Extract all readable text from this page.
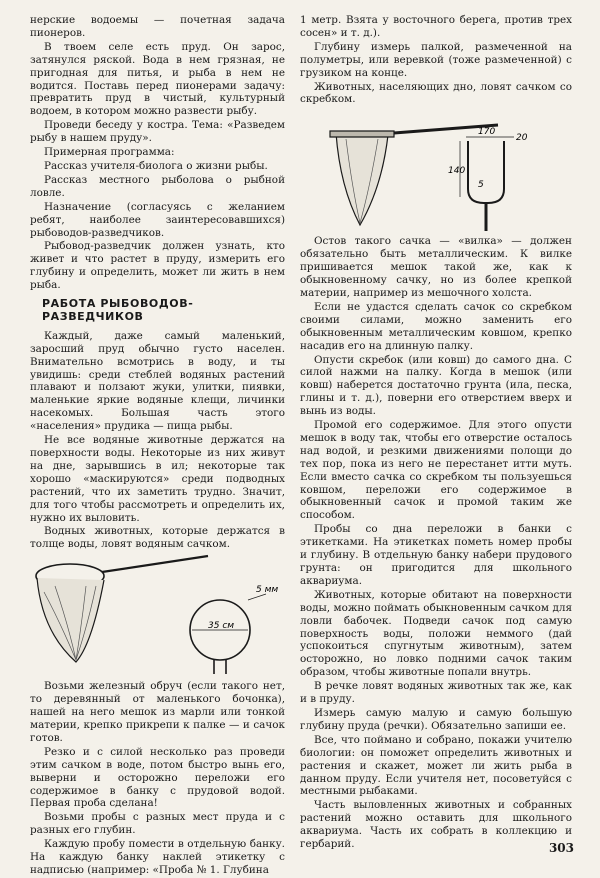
нерские водоемы — почетная задача пионеров.

В твоем селе есть пруд. Он зарос, затянулся ряской. Вода в нем грязная, не пригодная для питья, и рыба в нем не водится. Поставь перед пионерами задачу: превратить пруд в чистый, культурный водоем, в котором можно развести рыбу.

Проведи беседу у костра. Тема: «Разведем рыбу в нашем пруду».

Примерная программа:

Рассказ учителя-биолога о жизни рыбы.

Рассказ местного рыболова о рыбной ловле.

Назначение (согласуясь с желанием ребят, наиболее заинтересовавшихся) рыбоводов-разведчиков.

Рыбовод-разведчик должен узнать, кто живет и что растет в пруду, измерить его глубину и определить, может ли жить в нем рыба.

РАБОТА РЫБОВОДОВ-РАЗВЕДЧИКОВ

Каждый, даже самый маленький, заросший пруд обычно густо населен. Внимательно всмотрись в воду, и ты увидишь: среди стеблей водяных растений плавают и ползают жуки, улитки, пиявки, маленькие яркие водяные клещи, личинки насекомых. Большая часть этого «населения» прудика — пища рыбы.

Не все водяные животные держатся на поверхности воды. Некоторые из них живут на дне, зарывшись в ил; некоторые так хорошо «маскируются» среди подводных растений, что их заметить трудно. Значит, для того чтобы рассмотреть и определить их, нужно их выловить.

Водных животных, которые держатся в толще воды, ловят водяным сачком.

35 см
5 мм

Возьми железный обруч (если такого нет, то деревянный от маленького бочонка), нашей на него мешок из марли или тонкой материи, крепко прикрепи к палке — и сачок готов.

Резко и с силой несколько раз проведи этим сачком в воде, потом быстро вынь его, выверни и осторожно переложи его содержимое в банку с прудовой водой. Первая проба сделана!

Возьми пробы с разных мест пруда и с разных его глубин.

Каждую пробу помести в отдельную банку. На каждую банку наклей этикетку с надписью (например: «Проба № 1. Глубина

1 метр. Взята у восточного берега, против трех сосен» и т. д.).

Глубину измерь палкой, размеченной на полуметры, или веревкой (тоже размеченной) с грузиком на конце.

Животных, населяющих дно, ловят сачком со скребком.

170
20
140
5

Остов такого сачка — «вилка» — должен обязательно быть металлическим. К вилке пришивается мешок такой же, как к обыкновенному сачку, но из более крепкой материи, например из мешочного холста.

Если не удастся сделать сачок со скребком своими силами, можно заменить его обыкновенным металлическим ковшом, крепко насадив его на длинную палку.

Опусти скребок (или ковш) до самого дна. С силой нажми на палку. Когда в мешок (или ковш) наберется достаточно грунта (ила, песка, глины и т. д.), поверни его отверстием вверх и вынь из воды.

Промой его содержимое. Для этого опусти мешок в воду так, чтобы его отверстие осталось над водой, и резкими движениями полощи до тех пор, пока из него не перестанет итти муть. Если вместо сачка со скребком ты пользуешься ковшом, переложи его содержимое в обыкновенный сачок и промой таким же способом.

Пробы со дна переложи в банки с этикетками. На этикетках пометь номер пробы и глубину. В отдельную банку набери прудового грунта: он пригодится для школьного аквариума.

Животных, которые обитают на поверхности воды, можно поймать обыкновенным сачком для ловли бабочек. Подведи сачок под самую поверхность воды, положи неммого (дай успокоиться спугнутым животным), затем осторожно, но ловко подними сачок таким образом, чтобы животные попали внутрь.

В речке ловят водяных животных так же, как и в пруду.

Измерь самую малую и самую большую глубину пруда (речки). Обязательно запиши ее.

Все, что поймано и собрано, покажи учителю биологии: он поможет определить животных и растения и скажет, может ли жить рыба в данном пруду. Если учителя нет, посоветуйся с местными рыбаками.

Часть выловленных животных и собранных растений можно оставить для школьного аквариума. Часть их собрать в коллекцию и гербарий.	303
